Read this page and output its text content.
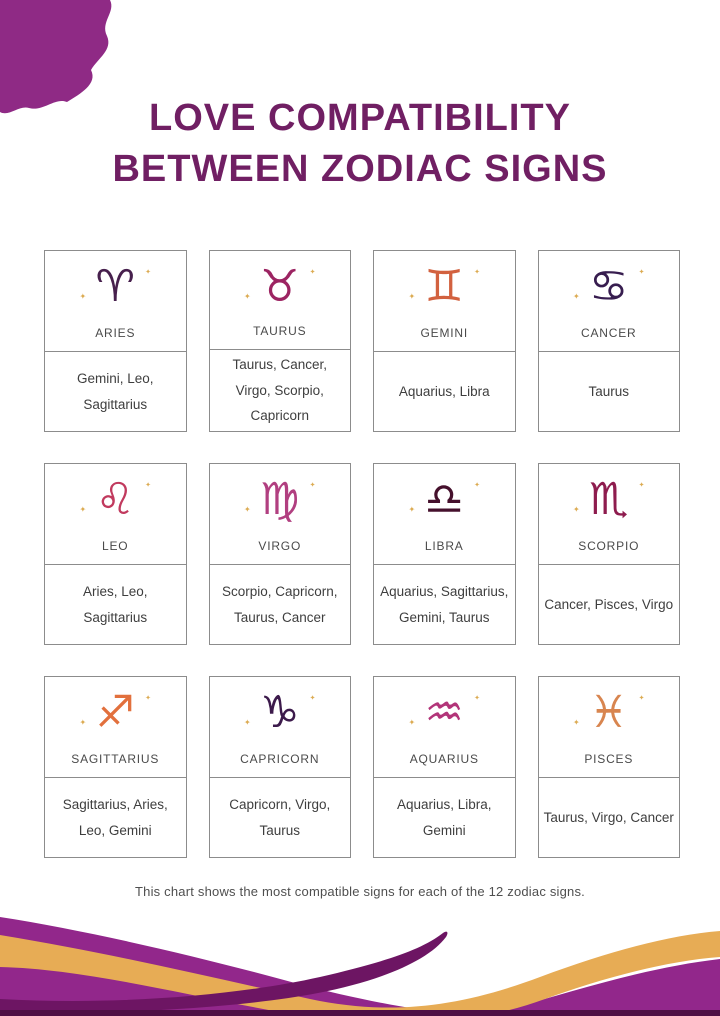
LOVE COMPATIBILITY
BETWEEN ZODIAC SIGNS
✦ ♈ ✦
ARIES
Gemini, Leo, Sagittarius
✦ ♉ ✦
TAURUS
Taurus, Cancer, Virgo, Scorpio, Capricorn
✦ ♊ ✦
GEMINI
Aquarius, Libra
✦ ♋ ✦
CANCER
Taurus
✦ ♌ ✦
LEO
Aries, Leo, Sagittarius
✦ ♍ ✦
VIRGO
Scorpio, Capricorn, Taurus, Cancer
✦ ♎ ✦
LIBRA
Aquarius, Sagittarius, Gemini, Taurus
✦ ♏ ✦
SCORPIO
Cancer, Pisces, Virgo
✦ ♐ ✦
SAGITTARIUS
Sagittarius, Aries, Leo, Gemini
✦ ♑ ✦
CAPRICORN
Capricorn, Virgo, Taurus
✦ ♒ ✦
AQUARIUS
Aquarius, Libra, Gemini
✦ ♓ ✦
PISCES
Taurus, Virgo, Cancer
This chart shows the most compatible signs for each of the 12 zodiac signs.
